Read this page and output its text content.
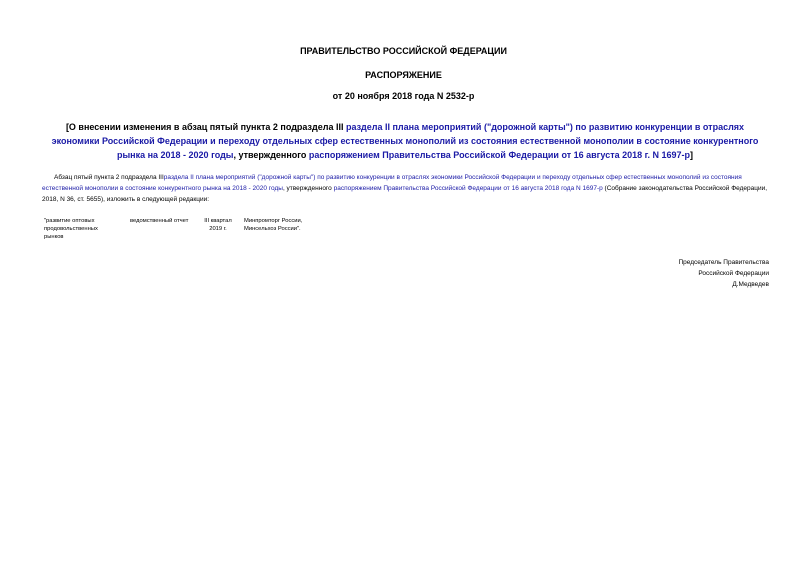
ПРАВИТЕЛЬСТВО РОССИЙСКОЙ ФЕДЕРАЦИИ
РАСПОРЯЖЕНИЕ
от 20 ноября 2018 года N 2532-р
[О внесении изменения в абзац пятый пункта 2 подраздела III раздела II плана мероприятий ("дорожной карты") по развитию конкуренции в отраслях экономики Российской Федерации и переходу отдельных сфер естественных монополий из состояния естественной монополии в состояние конкурентного рынка на 2018 - 2020 годы, утвержденного распоряжением Правительства Российской Федерации от 16 августа 2018 г. N 1697-р]
Абзац пятый пункта 2 подраздела IIIраздела II плана мероприятий ("дорожной карты") по развитию конкуренции в отраслях экономики Российской Федерации и переходу отдельных сфер естественных монополий из состояния естественной монополии в состояние конкурентного рынка на 2018 - 2020 годы, утвержденного распоряжением Правительства Российской Федерации от 16 августа 2018 года N 1697-р (Собрание законодательства Российской Федерации, 2018, N 36, ст. 5655), изложить в следующей редакции:
"развитие оптовых продовольственных рынков
ведомственный отчет	III квартал 2019 г.
Минпромторг России, Минсельхоз России".
Председатель Правительства
Российской Федерации
Д.Медведев
